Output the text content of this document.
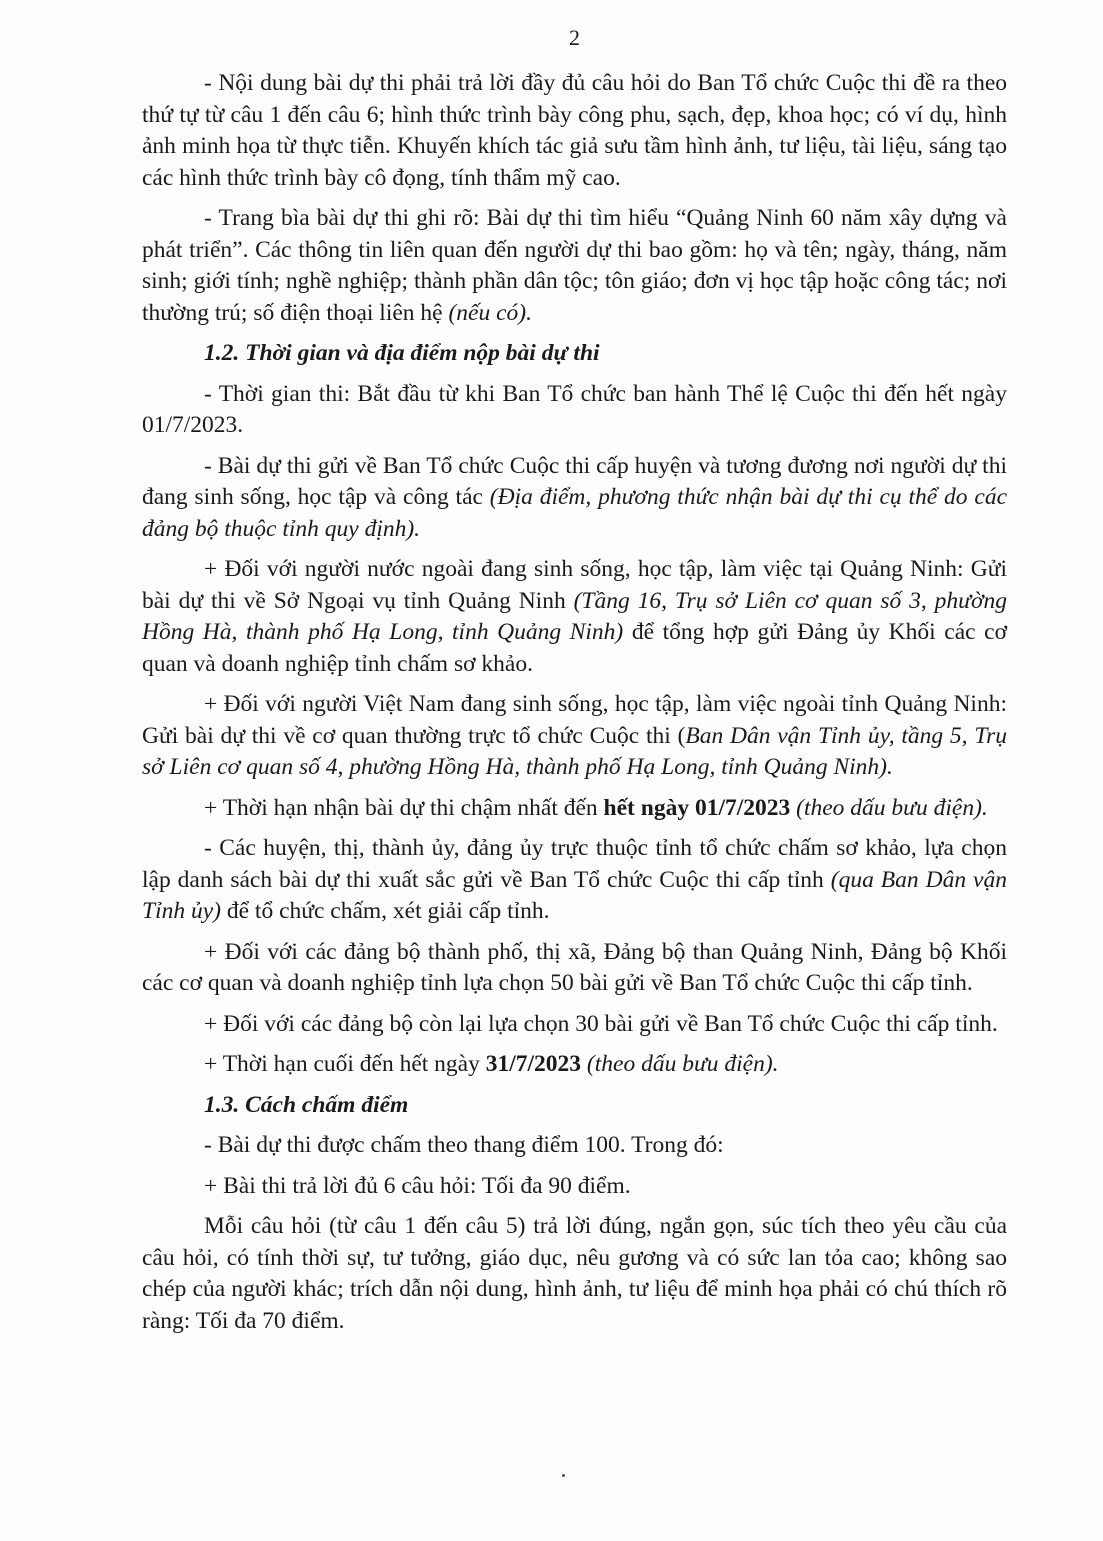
2

- Nội dung bài dự thi phải trả lời đầy đủ câu hỏi do Ban Tổ chức Cuộc thi đề ra theo thứ tự từ câu 1 đến câu 6; hình thức trình bày công phu, sạch, đẹp, khoa học; có ví dụ, hình ảnh minh họa từ thực tiễn. Khuyến khích tác giả sưu tầm hình ảnh, tư liệu, tài liệu, sáng tạo các hình thức trình bày cô đọng, tính thẩm mỹ cao.

- Trang bìa bài dự thi ghi rõ: Bài dự thi tìm hiểu “Quảng Ninh 60 năm xây dựng và phát triển”. Các thông tin liên quan đến người dự thi bao gồm: họ và tên; ngày, tháng, năm sinh; giới tính; nghề nghiệp; thành phần dân tộc; tôn giáo; đơn vị học tập hoặc công tác; nơi thường trú; số điện thoại liên hệ (nếu có).

1.2. Thời gian và địa điểm nộp bài dự thi

- Thời gian thi: Bắt đầu từ khi Ban Tổ chức ban hành Thể lệ Cuộc thi đến hết ngày 01/7/2023.

- Bài dự thi gửi về Ban Tổ chức Cuộc thi cấp huyện và tương đương nơi người dự thi đang sinh sống, học tập và công tác (Địa điểm, phương thức nhận bài dự thi cụ thể do các đảng bộ thuộc tỉnh quy định).

+ Đối với người nước ngoài đang sinh sống, học tập, làm việc tại Quảng Ninh: Gửi bài dự thi về Sở Ngoại vụ tỉnh Quảng Ninh (Tầng 16, Trụ sở Liên cơ quan số 3, phường Hồng Hà, thành phố Hạ Long, tỉnh Quảng Ninh) để tổng hợp gửi Đảng ủy Khối các cơ quan và doanh nghiệp tỉnh chấm sơ khảo.

+ Đối với người Việt Nam đang sinh sống, học tập, làm việc ngoài tỉnh Quảng Ninh: Gửi bài dự thi về cơ quan thường trực tổ chức Cuộc thi (Ban Dân vận Tỉnh ủy, tầng 5, Trụ sở Liên cơ quan số 4, phường Hồng Hà, thành phố Hạ Long, tỉnh Quảng Ninh).

+ Thời hạn nhận bài dự thi chậm nhất đến hết ngày 01/7/2023 (theo dấu bưu điện).

- Các huyện, thị, thành ủy, đảng ủy trực thuộc tỉnh tổ chức chấm sơ khảo, lựa chọn lập danh sách bài dự thi xuất sắc gửi về Ban Tổ chức Cuộc thi cấp tỉnh (qua Ban Dân vận Tỉnh ủy) để tổ chức chấm, xét giải cấp tỉnh.

+ Đối với các đảng bộ thành phố, thị xã, Đảng bộ than Quảng Ninh, Đảng bộ Khối các cơ quan và doanh nghiệp tỉnh lựa chọn 50 bài gửi về Ban Tổ chức Cuộc thi cấp tỉnh.

+ Đối với các đảng bộ còn lại lựa chọn 30 bài gửi về Ban Tổ chức Cuộc thi cấp tỉnh.

+ Thời hạn cuối đến hết ngày 31/7/2023 (theo dấu bưu điện).

1.3. Cách chấm điểm

- Bài dự thi được chấm theo thang điểm 100. Trong đó:

+ Bài thi trả lời đủ 6 câu hỏi: Tối đa 90 điểm.

Mỗi câu hỏi (từ câu 1 đến câu 5) trả lời đúng, ngắn gọn, súc tích theo yêu cầu của câu hỏi, có tính thời sự, tư tưởng, giáo dục, nêu gương và có sức lan tỏa cao; không sao chép của người khác; trích dẫn nội dung, hình ảnh, tư liệu để minh họa phải có chú thích rõ ràng: Tối đa 70 điểm.
